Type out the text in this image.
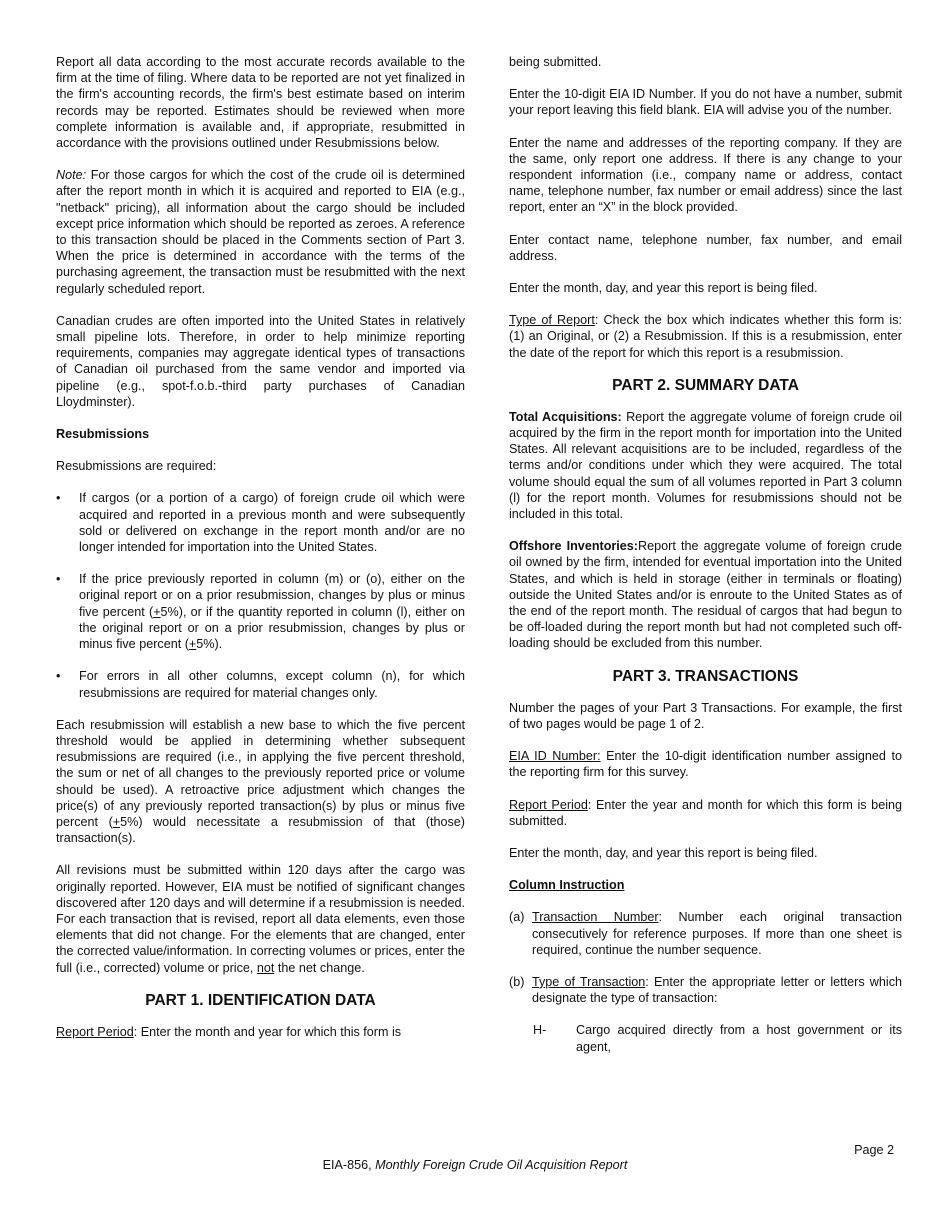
Report all data according to the most accurate records available to the firm at the time of filing. Where data to be reported are not yet finalized in the firm's accounting records, the firm's best estimate based on interim records may be reported. Estimates should be reviewed when more complete information is available and, if appropriate, resubmitted in accordance with the provisions outlined under Resubmissions below.

Note: For those cargos for which the cost of the crude oil is determined after the report month in which it is acquired and reported to EIA (e.g., "netback" pricing), all information about the cargo should be included except price information which should be reported as zeroes. A reference to this transaction should be placed in the Comments section of Part 3. When the price is determined in accordance with the terms of the purchasing agreement, the transaction must be resubmitted with the next regularly scheduled report.

Canadian crudes are often imported into the United States in relatively small pipeline lots. Therefore, in order to help minimize reporting requirements, companies may aggregate identical types of transactions of Canadian oil purchased from the same vendor and imported via pipeline (e.g., spot-f.o.b.-third party purchases of Canadian Lloydminster).

Resubmissions

Resubmissions are required:

• If cargos (or a portion of a cargo) of foreign crude oil which were acquired and reported in a previous month and were subsequently sold or delivered on exchange in the report month and/or are no longer intended for importation into the United States.
• If the price previously reported in column (m) or (o), either on the original report or on a prior resubmission, changes by plus or minus five percent (+5%), or if the quantity reported in column (l), either on the original report or on a prior resubmission, changes by plus or minus five percent (+5%).
• For errors in all other columns, except column (n), for which resubmissions are required for material changes only.

Each resubmission will establish a new base to which the five percent threshold would be applied in determining whether subsequent resubmissions are required (i.e., in applying the five percent threshold, the sum or net of all changes to the previously reported price or volume should be used). A retroactive price adjustment which changes the price(s) of any previously reported transaction(s) by plus or minus five percent (+5%) would necessitate a resubmission of that (those) transaction(s).

All revisions must be submitted within 120 days after the cargo was originally reported. However, EIA must be notified of significant changes discovered after 120 days and will determine if a resubmission is needed. For each transaction that is revised, report all data elements, even those elements that did not change. For the elements that are changed, enter the corrected value/information. In correcting volumes or prices, enter the full (i.e., corrected) volume or price, not the net change.

PART 1. IDENTIFICATION DATA

Report Period: Enter the month and year for which this form is

being submitted.

Enter the 10-digit EIA ID Number. If you do not have a number, submit your report leaving this field blank. EIA will advise you of the number.

Enter the name and addresses of the reporting company. If they are the same, only report one address. If there is any change to your respondent information (i.e., company name or address, contact name, telephone number, fax number or email address) since the last report, enter an “X” in the block provided.

Enter contact name, telephone number, fax number, and email address.

Enter the month, day, and year this report is being filed.

Type of Report: Check the box which indicates whether this form is: (1) an Original, or (2) a Resubmission. If this is a resubmission, enter the date of the report for which this report is a resubmission.

PART 2. SUMMARY DATA

Total Acquisitions: Report the aggregate volume of foreign crude oil acquired by the firm in the report month for importation into the United States. All relevant acquisitions are to be included, regardless of the terms and/or conditions under which they were acquired. The total volume should equal the sum of all volumes reported in Part 3 column (l) for the report month. Volumes for resubmissions should not be included in this total.

Offshore Inventories:Report the aggregate volume of foreign crude oil owned by the firm, intended for eventual importation into the United States, and which is held in storage (either in terminals or floating) outside the United States and/or is enroute to the United States as of the end of the report month. The residual of cargos that had begun to be off-loaded during the report month but had not completed such off-loading should be excluded from this number.

PART 3. TRANSACTIONS

Number the pages of your Part 3 Transactions. For example, the first of two pages would be page 1 of 2.

EIA ID Number: Enter the 10-digit identification number assigned to the reporting firm for this survey.

Report Period: Enter the year and month for which this form is being submitted.

Enter the month, day, and year this report is being filed.

Column Instruction

(a) Transaction Number: Number each original transaction consecutively for reference purposes. If more than one sheet is required, continue the number sequence.
(b) Type of Transaction: Enter the appropriate letter or letters which designate the type of transaction:
H- Cargo acquired directly from a host government or its agent,
Page 2
EIA-856, Monthly Foreign Crude Oil Acquisition Report
